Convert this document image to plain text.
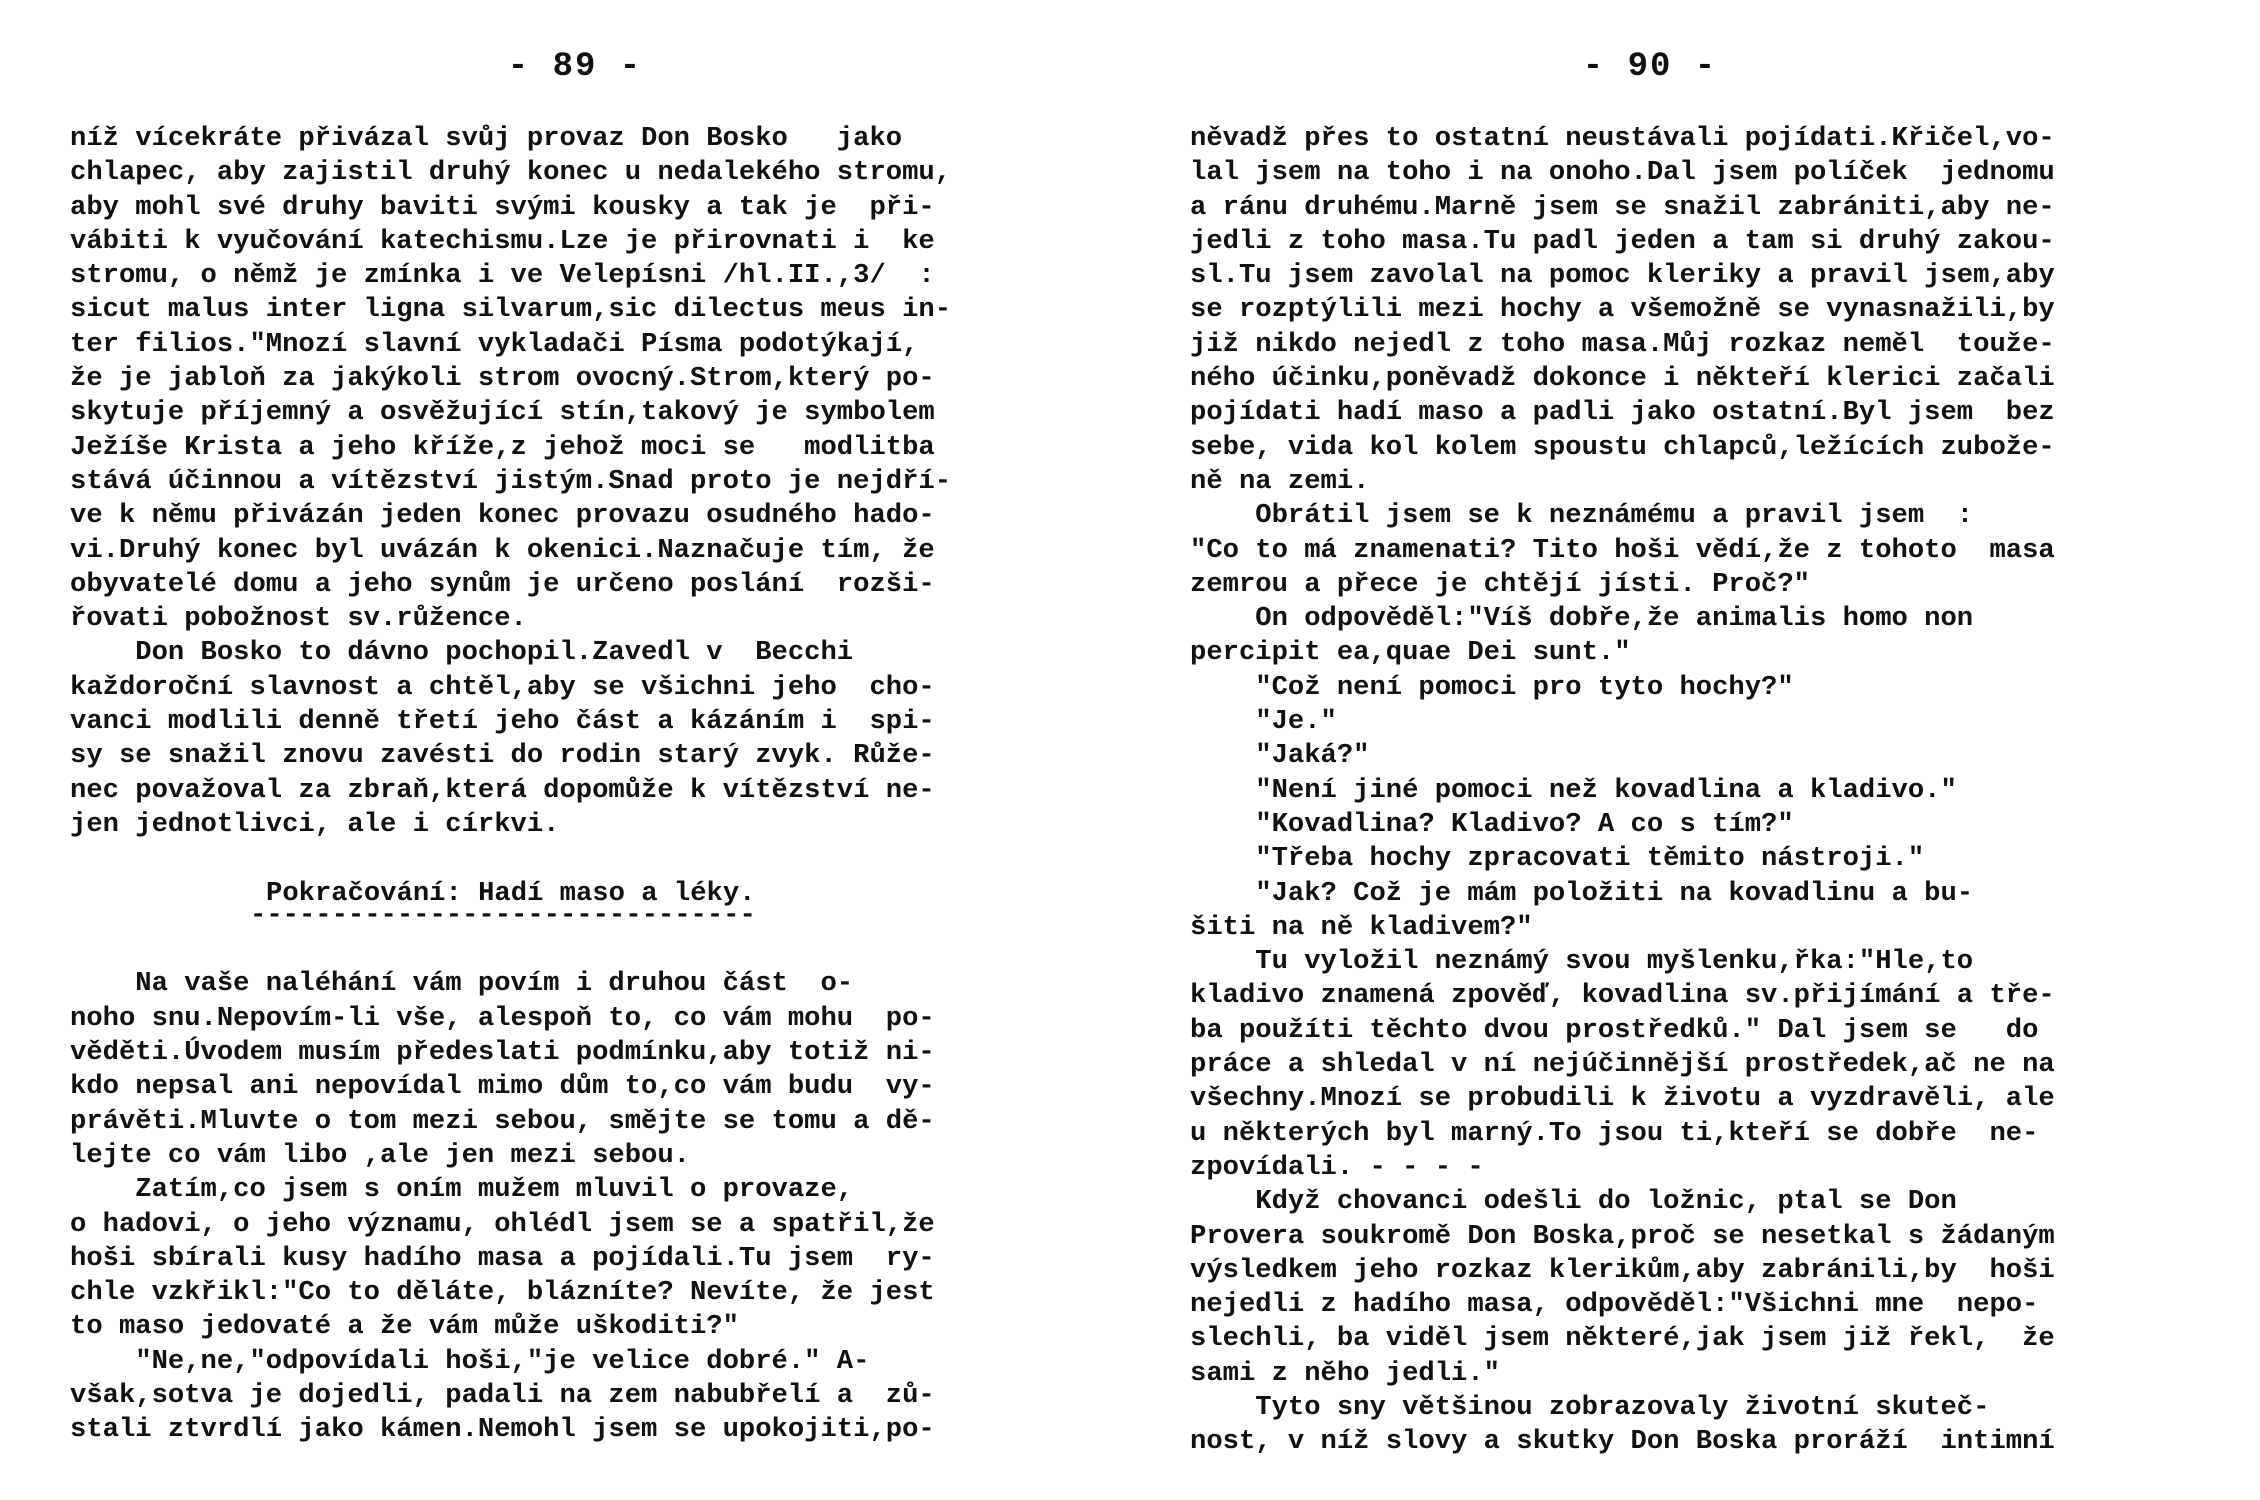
- 89 -
níž vícekráte přivázal svůj provaz Don Bosko   jako
chlapec, aby zajistil druhý konec u nedalekého stromu,
aby mohl své druhy baviti svými kousky a tak je  při-
vábiti k vyučování katechismu.Lze je přirovnati i  ke
stromu, o němž je zmínka i ve Velepísni /hl.II.,3/  :
sicut malus inter ligna silvarum,sic dilectus meus in-
ter filios."Mnozí slavní vykladači Písma podotýkají,
že je jabloň za jakýkoli strom ovocný.Strom,který po-
skytuje příjemný a osvěžující stín,takový je symbolem
Ježíše Krista a jeho kříže,z jehož moci se   modlitba
stává účinnou a vítězství jistým.Snad proto je nejdří-
ve k němu přivázán jeden konec provazu osudného hado-
vi.Druhý konec byl uvázán k okenici.Naznačuje tím, že
obyvatelé domu a jeho synům je určeno poslání  rozši-
řovati pobožnost sv.růžence.
Don Bosko to dávno pochopil.Zavedl v  Becchi
každoroční slavnost a chtěl,aby se všichni jeho  cho-
vanci modlili denně třetí jeho část a kázáním i  spi-
sy se snažil znovu zavésti do rodin starý zvyk. Růže-
nec považoval za zbraň,která dopomůže k vítězství ne-
jen jednotlivci, ale i církvi.
Pokračování: Hadí maso a léky.
-------------------------------
Na vaše naléhání vám povím i druhou část  o-
noho snu.Nepovím-li vše, alespoň to, co vám mohu  po-
věděti.Úvodem musím předeslati podmínku,aby totiž ni-
kdo nepsal ani nepovídal mimo dům to,co vám budu  vy-
právěti.Mluvte o tom mezi sebou, smějte se tomu a dě-
lejte co vám libo ,ale jen mezi sebou.
Zatím,co jsem s oním mužem mluvil o provaze,
o hadovi, o jeho významu, ohlédl jsem se a spatřil,že
hoši sbírali kusy hadího masa a pojídali.Tu jsem  ry-
chle vzkřikl:"Co to děláte, blázníte? Nevíte, že jest
to maso jedovaté a že vám může uškoditi?"
"Ne,ne,"odpovídali hoši,"je velice dobré." A-
však,sotva je dojedli, padali na zem nabubřelí a  zů-
stali ztvrdlí jako kámen.Nemohl jsem se upokojiti,po-
- 90 -
něvadž přes to ostatní neustávali pojídati.Křičel,vo-
lal jsem na toho i na onoho.Dal jsem políček  jednomu
a ránu druhému.Marně jsem se snažil zabrániti,aby ne-
jedli z toho masa.Tu padl jeden a tam si druhý zakou-
sl.Tu jsem zavolal na pomoc kleriky a pravil jsem,aby
se rozptýlili mezi hochy a všemožně se vynasnažili,by
již nikdo nejedl z toho masa.Můj rozkaz neměl  touže-
ného účinku,poněvadž dokonce i někteří klerici začali
pojídati hadí maso a padli jako ostatní.Byl jsem  bez
sebe, vida kol kolem spoustu chlapců,ležících zubože-
ně na zemi.
Obrátil jsem se k neznámému a pravil jsem  :
"Co to má znamenati? Tito hoši vědí,že z tohoto  masa
zemrou a přece je chtějí jísti. Proč?"
On odpověděl:"Víš dobře,že animalis homo non
percipit ea,quae Dei sunt."
"Což není pomoci pro tyto hochy?"
"Je."
"Jaká?"
"Není jiné pomoci než kovadlina a kladivo."
"Kovadlina? Kladivo? A co s tím?"
"Třeba hochy zpracovati těmito nástroji."
"Jak? Což je mám položiti na kovadlinu a bu-
šiti na ně kladivem?"
Tu vyložil neznámý svou myšlenku,řka:"Hle,to
kladivo znamená zpověď, kovadlina sv.přijímání a tře-
ba použíti těchto dvou prostředků." Dal jsem se   do
práce a shledal v ní nejúčinnější prostředek,ač ne na
všechny.Mnozí se probudili k životu a vyzdravěli, ale
u některých byl marný.To jsou ti,kteří se dobře  ne-
zpovídali. - - - -
Když chovanci odešli do ložnic, ptal se Don
Provera soukromě Don Boska,proč se nesetkal s žádaným
výsledkem jeho rozkaz klerikům,aby zabránili,by  hoši
nejedli z hadího masa, odpověděl:"Všichni mne  nepo-
slechli, ba viděl jsem některé,jak jsem již řekl,  že
sami z něho jedli."
Tyto sny většinou zobrazovaly životní skuteč-
nost, v níž slovy a skutky Don Boska proráží  intimní
